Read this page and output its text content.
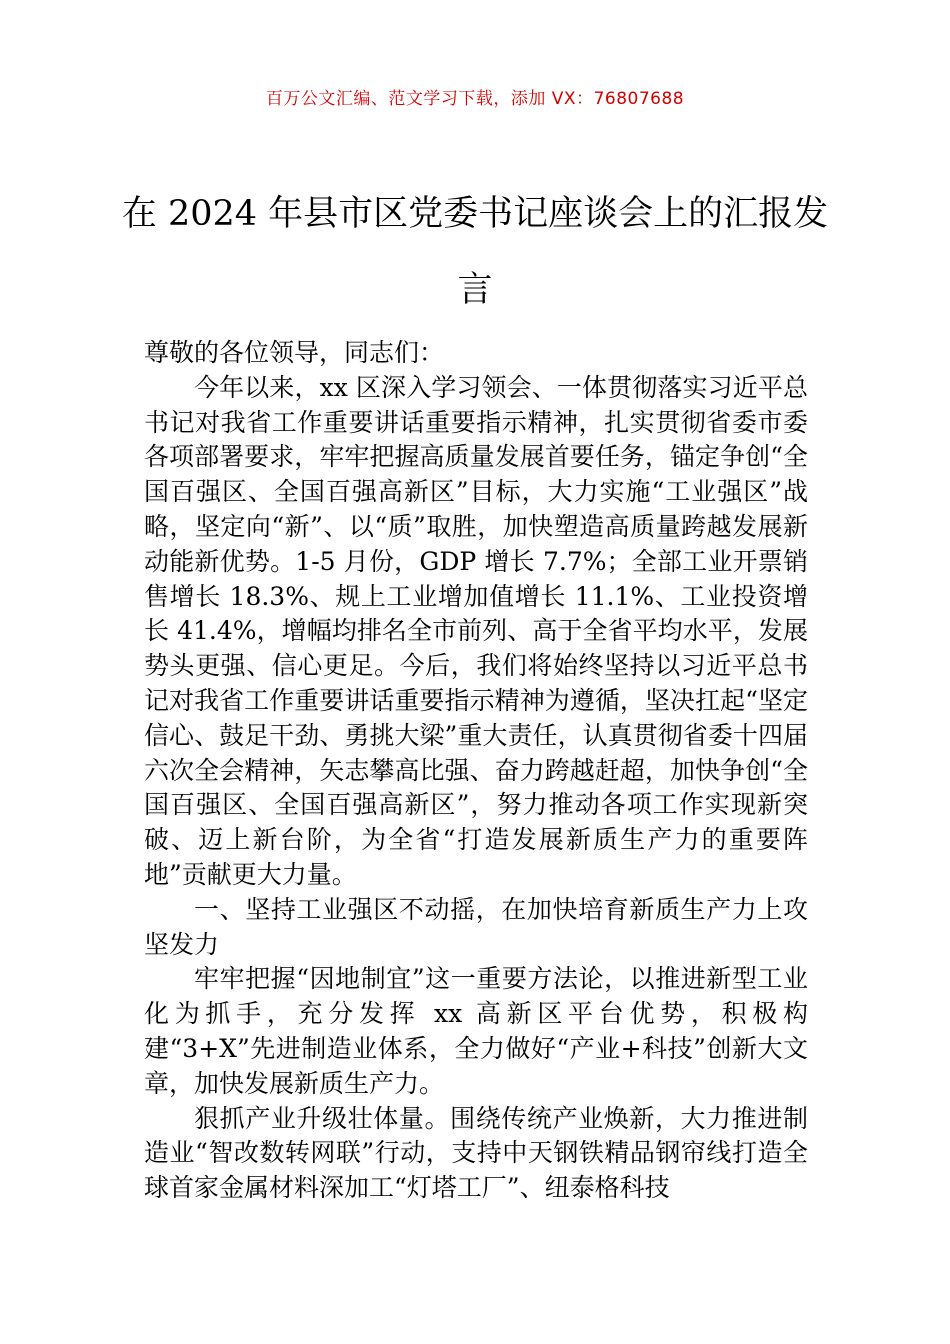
百万公文汇编、范文学习下载，添加 VX：76807688
在 2024 年县市区党委书记座谈会上的汇报发言

尊敬的各位领导，同志们：

今年以来，xx 区深入学习领会、一体贯彻落实习近平总书记对我省工作重要讲话重要指示精神，扎实贯彻省委市委各项部署要求，牢牢把握高质量发展首要任务，锚定争创“全国百强区、全国百强高新区”目标，大力实施“工业强区”战略，坚定向“新”、以“质”取胜，加快塑造高质量跨越发展新动能新优势。1-5 月份，GDP 增长 7.7%；全部工业开票销售增长 18.3%、规上工业增加值增长 11.1%、工业投资增长 41.4%，增幅均排名全市前列、高于全省平均水平，发展势头更强、信心更足。今后，我们将始终坚持以习近平总书记对我省工作重要讲话重要指示精神为遵循，坚决扛起“坚定信心、鼓足干劲、勇挑大梁”重大责任，认真贯彻省委十四届六次全会精神，矢志攀高比强、奋力跨越赶超，加快争创“全国百强区、全国百强高新区”，努力推动各项工作实现新突破、迈上新台阶，为全省“打造发展新质生产力的重要阵地”贡献更大力量。

一、坚持工业强区不动摇，在加快培育新质生产力上攻坚发力

牢牢把握“因地制宜”这一重要方法论，以推进新型工业化为抓手，充分发挥 xx 高新区平台优势，积极构建“3+X”先进制造业体系，全力做好“产业+科技”创新大文章，加快发展新质生产力。

狠抓产业升级壮体量。围绕传统产业焕新，大力推进制造业“智改数转网联”行动，支持中天钢铁精品钢帘线打造全球首家金属材料深加工“灯塔工厂”、纽泰格科技
